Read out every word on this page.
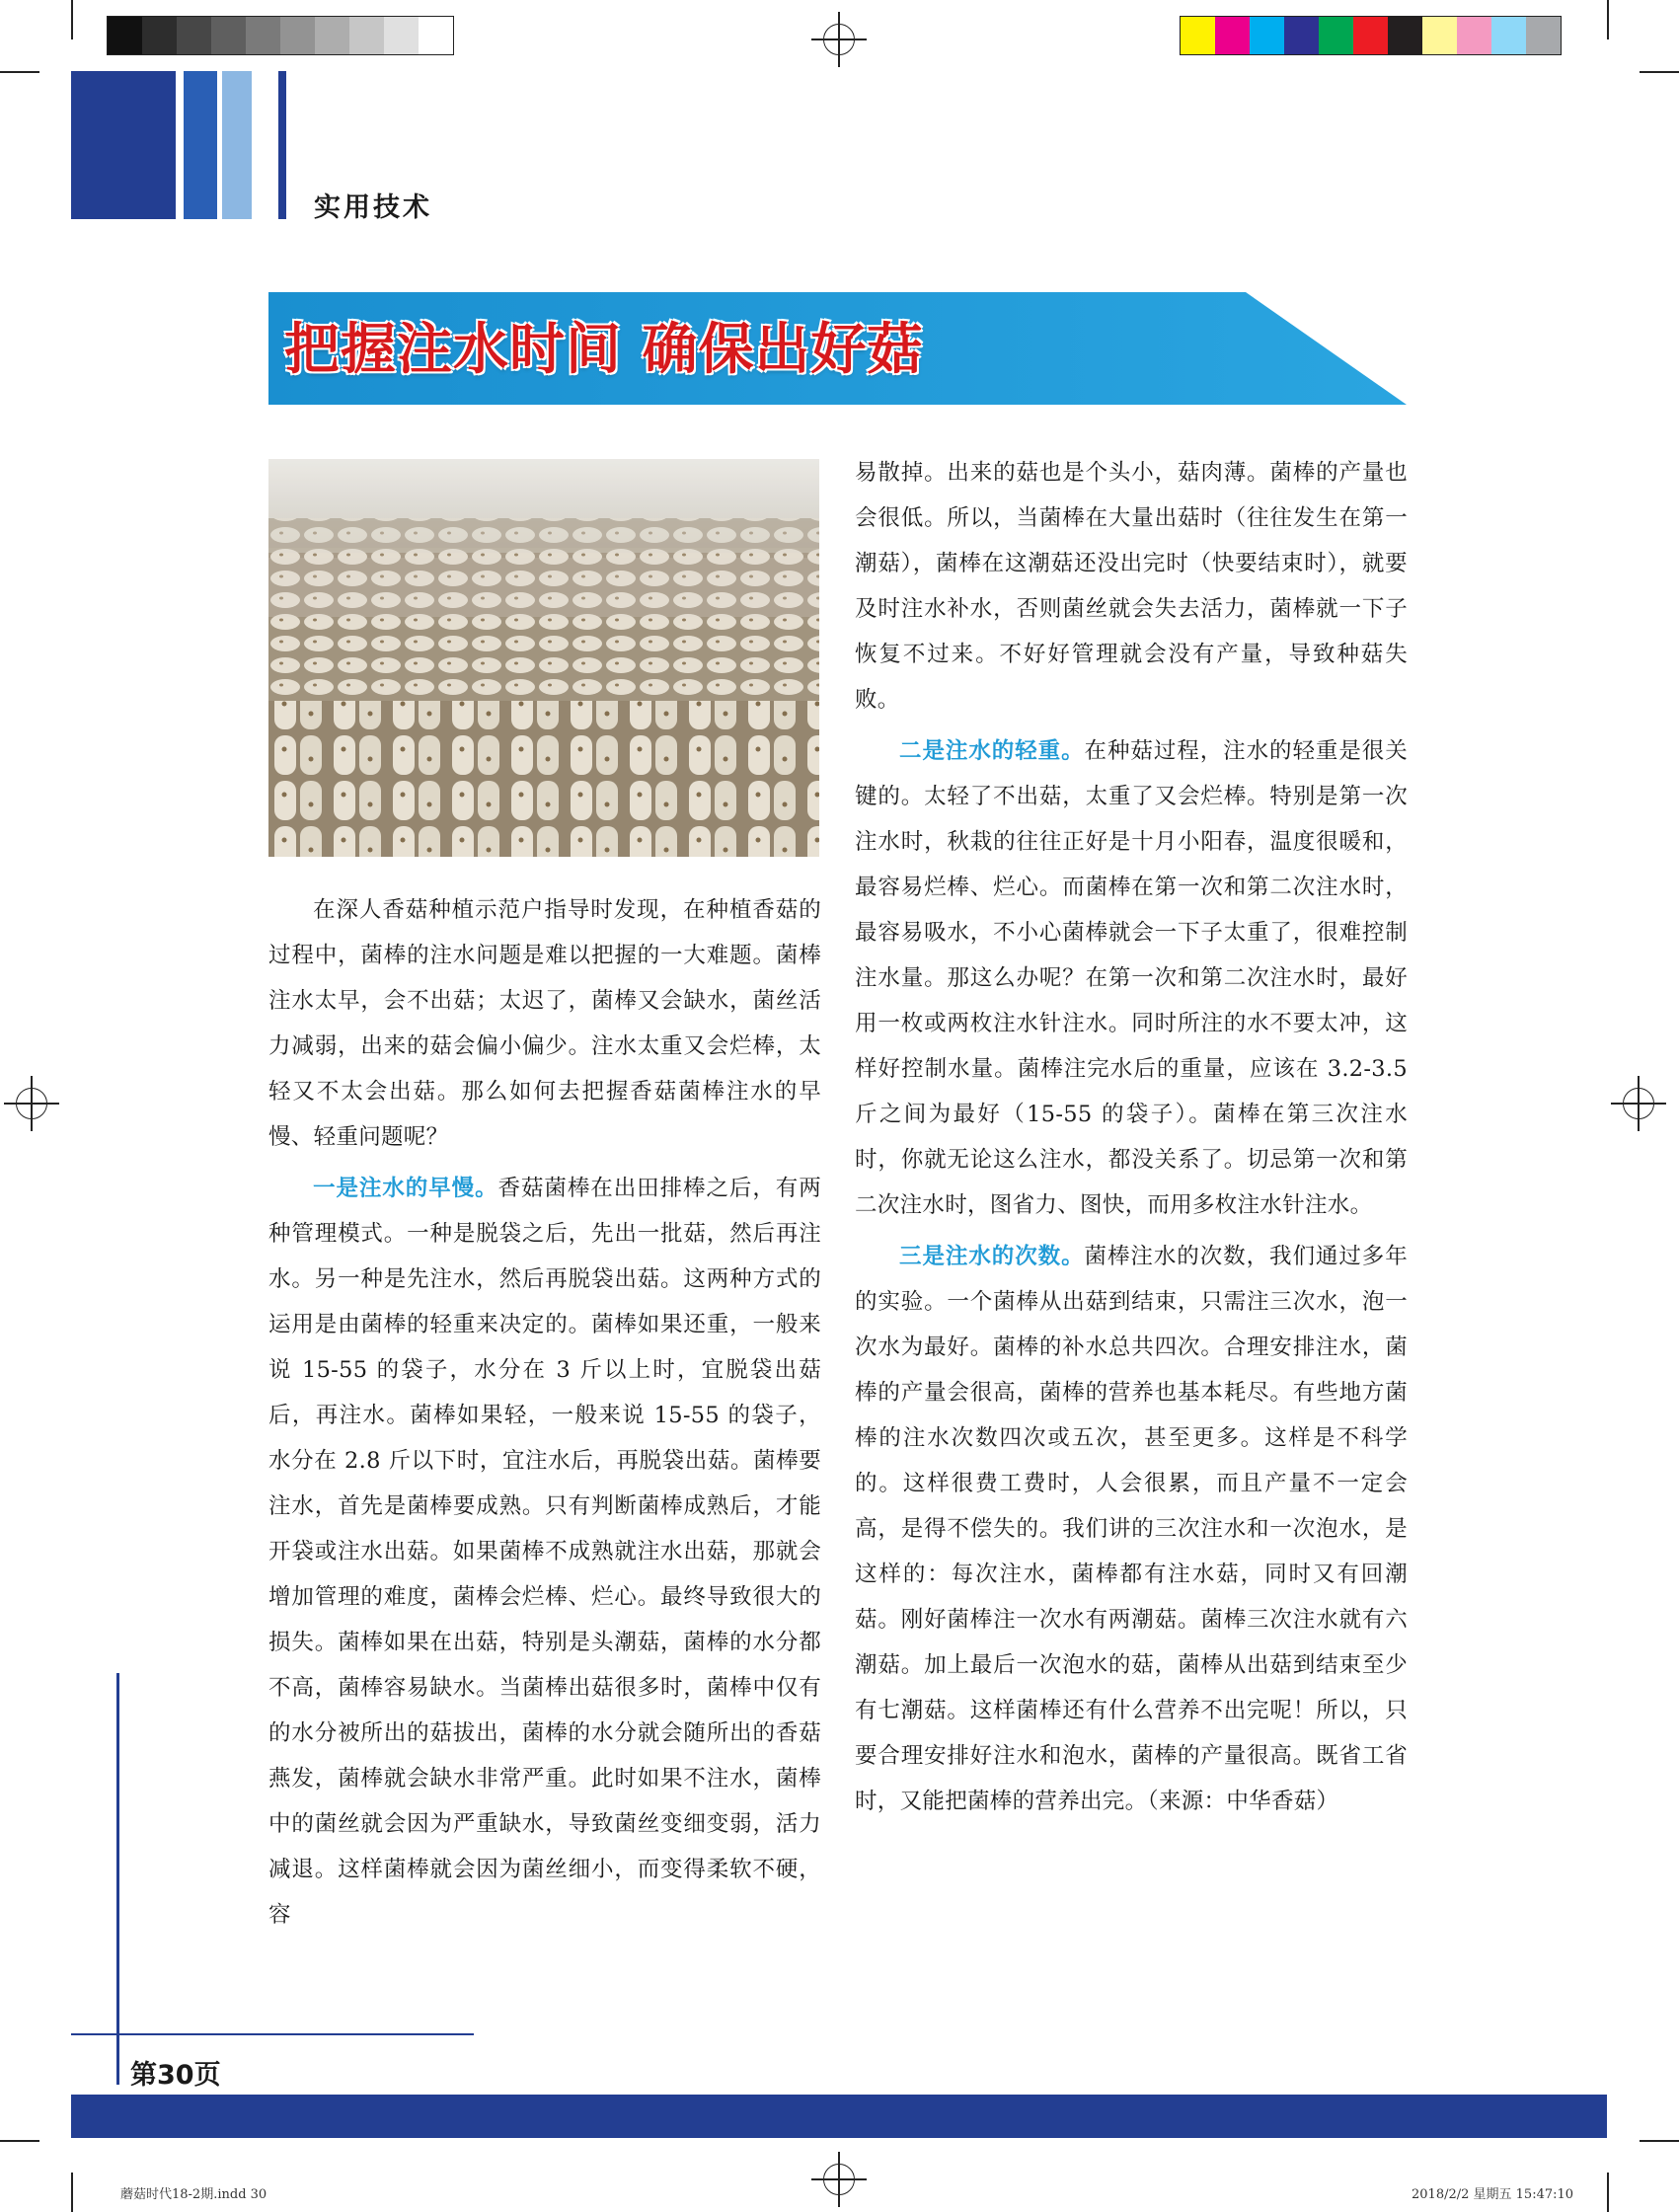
实用技术
把握注水时间 确保出好菇

在深人香菇种植示范户指导时发现，在种植香菇的过程中，菌棒的注水问题是难以把握的一大难题。菌棒注水太早，会不出菇；太迟了，菌棒又会缺水，菌丝活力减弱，出来的菇会偏小偏少。注水太重又会烂棒，太轻又不太会出菇。那么如何去把握香菇菌棒注水的早慢、轻重问题呢？

一是注水的早慢。香菇菌棒在出田排棒之后，有两种管理模式。一种是脱袋之后，先出一批菇，然后再注水。另一种是先注水，然后再脱袋出菇。这两种方式的运用是由菌棒的轻重来决定的。菌棒如果还重，一般来说 15-55 的袋子，水分在 3 斤以上时，宜脱袋出菇后，再注水。菌棒如果轻，一般来说 15-55 的袋子，水分在 2.8 斤以下时，宜注水后，再脱袋出菇。菌棒要注水，首先是菌棒要成熟。只有判断菌棒成熟后，才能开袋或注水出菇。如果菌棒不成熟就注水出菇，那就会增加管理的难度，菌棒会烂棒、烂心。最终导致很大的损失。菌棒如果在出菇，特别是头潮菇，菌棒的水分都不高，菌棒容易缺水。当菌棒出菇很多时，菌棒中仅有的水分被所出的菇拔出，菌棒的水分就会随所出的香菇燕发，菌棒就会缺水非常严重。此时如果不注水，菌棒中的菌丝就会因为严重缺水，导致菌丝变细变弱，活力减退。这样菌棒就会因为菌丝细小，而变得柔软不硬，容

易散掉。出来的菇也是个头小，菇肉薄。菌棒的产量也会很低。所以，当菌棒在大量出菇时（往往发生在第一潮菇），菌棒在这潮菇还没出完时（快要结束时），就要及时注水补水，否则菌丝就会失去活力，菌棒就一下子恢复不过来。不好好管理就会没有产量，导致种菇失败。

二是注水的轻重。在种菇过程，注水的轻重是很关键的。太轻了不出菇，太重了又会烂棒。特别是第一次注水时，秋栽的往往正好是十月小阳春，温度很暖和，最容易烂棒、烂心。而菌棒在第一次和第二次注水时，最容易吸水，不小心菌棒就会一下子太重了，很难控制注水量。那这么办呢？在第一次和第二次注水时，最好用一枚或两枚注水针注水。同时所注的水不要太冲，这样好控制水量。菌棒注完水后的重量，应该在 3.2-3.5 斤之间为最好（15-55 的袋子）。菌棒在第三次注水时，你就无论这么注水，都没关系了。切忌第一次和第二次注水时，图省力、图快，而用多枚注水针注水。

三是注水的次数。菌棒注水的次数，我们通过多年的实验。一个菌棒从出菇到结束，只需注三次水，泡一次水为最好。菌棒的补水总共四次。合理安排注水，菌棒的产量会很高，菌棒的营养也基本耗尽。有些地方菌棒的注水次数四次或五次，甚至更多。这样是不科学的。这样很费工费时，人会很累，而且产量不一定会高，是得不偿失的。我们讲的三次注水和一次泡水，是这样的：每次注水，菌棒都有注水菇，同时又有回潮菇。刚好菌棒注一次水有两潮菇。菌棒三次注水就有六潮菇。加上最后一次泡水的菇，菌棒从出菇到结束至少有七潮菇。这样菌棒还有什么营养不出完呢！所以，只要合理安排好注水和泡水，菌棒的产量很高。既省工省时，又能把菌棒的营养出完。（来源：中华香菇）

第30页
蘑菇时代18-2期.indd 30	2018/2/2 星期五 15:47:10
